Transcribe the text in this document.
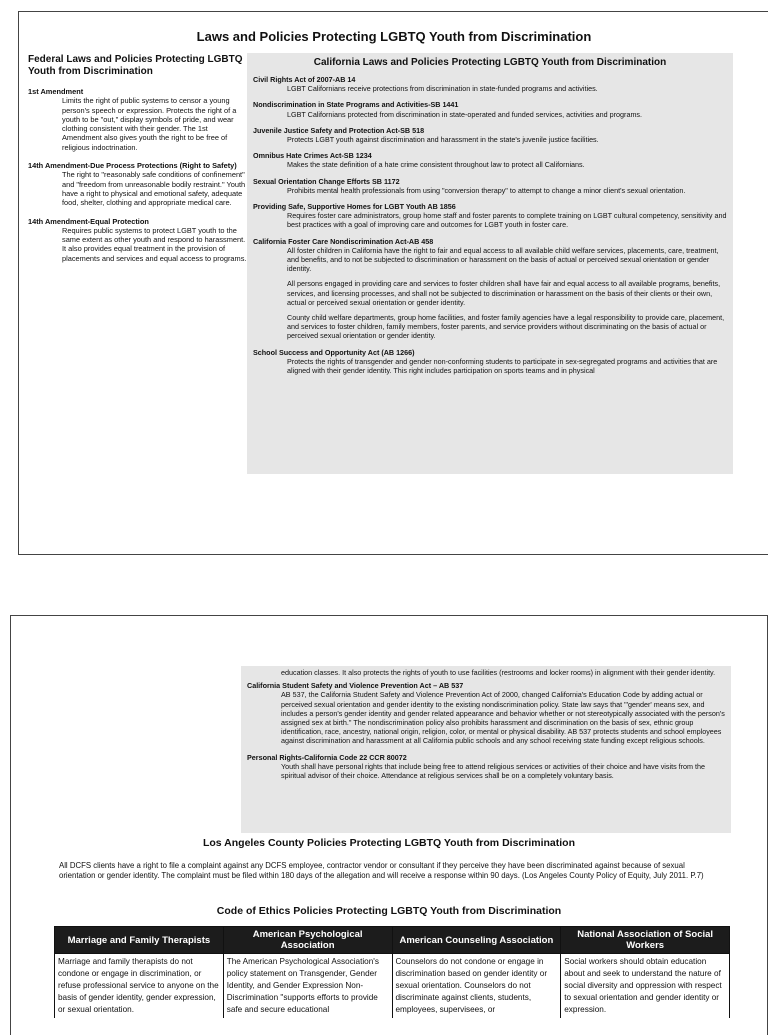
Laws and Policies Protecting LGBTQ Youth from Discrimination
Federal Laws and Policies Protecting LGBTQ Youth from Discrimination
1st Amendment
Limits the right of public systems to censor a young person's speech or expression. Protects the right of a youth to be "out," display symbols of pride, and wear clothing consistent with their gender. The 1st Amendment also gives youth the right to be free of religious indoctrination.
14th Amendment-Due Process Protections (Right to Safety)
The right to "reasonably safe conditions of confinement" and "freedom from unreasonable bodily restraint." Youth have a right to physical and emotional safety, adequate food, shelter, clothing and appropriate medical care.
14th Amendment-Equal Protection
Requires public systems to protect LGBT youth to the same extent as other youth and respond to harassment. It also provides equal treatment in the provision of placements and services and equal access to programs.
California Laws and Policies Protecting LGBTQ Youth from Discrimination
Civil Rights Act of 2007-AB 14

LGBT Californians receive protections from discrimination in state-funded programs and activities.

Nondiscrimination in State Programs and Activities-SB 1441

LGBT Californians protected from discrimination in state-operated and funded services, activities and programs.

Juvenile Justice Safety and Protection Act-SB 518

Protects LGBT youth against discrimination and harassment in the state's juvenile justice facilities.

Omnibus Hate Crimes Act-SB 1234

Makes the state definition of a hate crime consistent throughout law to protect all Californians.

Sexual Orientation Change Efforts SB 1172

Prohibits mental health professionals from using "conversion therapy" to attempt to change a minor client's sexual orientation.

Providing Safe, Supportive Homes for LGBT Youth AB 1856

Requires foster care administrators, group home staff and foster parents to complete training on LGBT cultural competency, sensitivity and best practices with a goal of improving care and outcomes for LGBT youth in foster care.

California Foster Care Nondiscrimination Act-AB 458

All foster children in California have the right to fair and equal access to all available child welfare services, placements, care, treatment, and benefits, and to not be subjected to discrimination or harassment on the basis of actual or perceived sexual orientation or gender identity.

All persons engaged in providing care and services to foster children shall have fair and equal access to all available programs, benefits, services, and licensing processes, and shall not be subjected to discrimination or harassment on the basis of their clients or their own, actual or perceived sexual orientation or gender identity.

County child welfare departments, group home facilities, and foster family agencies have a legal responsibility to provide care, placement, and services to foster children, family members, foster parents, and service providers without discriminating on the basis of actual or perceived sexual orientation or gender identity.

School Success and Opportunity Act (AB 1266)

Protects the rights of transgender and gender non-conforming students to participate in sex-segregated programs and activities that are aligned with their gender identity. This right includes participation on sports teams and in physical

education classes. It also protects the rights of youth to use facilities (restrooms and locker rooms) in alignment with their gender identity.
California Student Safety and Violence Prevention Act – AB 537

AB 537, the California Student Safety and Violence Prevention Act of 2000, changed California's Education Code by adding actual or perceived sexual orientation and gender identity to the existing nondiscrimination policy. State law says that "'gender' means sex, and includes a person's gender identity and gender related appearance and behavior whether or not stereotypically associated with the person's assigned sex at birth." The nondiscrimination policy also prohibits harassment and discrimination on the basis of sex, ethnic group identification, race, ancestry, national origin, religion, color, or mental or physical disability. AB 537 protects students and school employees against discrimination and harassment at all California public schools and any school receiving state funding except religious schools.

Personal Rights-California Code 22 CCR 80072

Youth shall have personal rights that include being free to attend religious services or activities of their choice and have visits from the spiritual advisor of their choice. Attendance at religious services shall be on a completely voluntary basis.

Los Angeles County Policies Protecting LGBTQ Youth from Discrimination
All DCFS clients have a right to file a complaint against any DCFS employee, contractor vendor or consultant if they perceive they have been discriminated against because of sexual orientation or gender identity. The complaint must be filed within 180 days of the allegation and will receive a response within 90 days. (Los Angeles County Policy of Equity, July 2011. P.7)
Code of Ethics Policies Protecting LGBTQ Youth from Discrimination
Marriage and Family Therapists	American Psychological Association	American Counseling Association	National Association of Social Workers
Marriage and family therapists do not condone or engage in discrimination, or refuse professional service to anyone on the basis of gender identity, gender expression, or sexual orientation.	The American Psychological Association's policy statement on Transgender, Gender Identity, and Gender Expression Non-Discrimination "supports efforts to provide safe and secure educational	Counselors do not condone or engage in discrimination based on gender identity or sexual orientation. Counselors do not discriminate against clients, students, employees, supervisees, or	Social workers should obtain education about and seek to understand the nature of social diversity and oppression with respect to sexual orientation and gender identity or expression.
